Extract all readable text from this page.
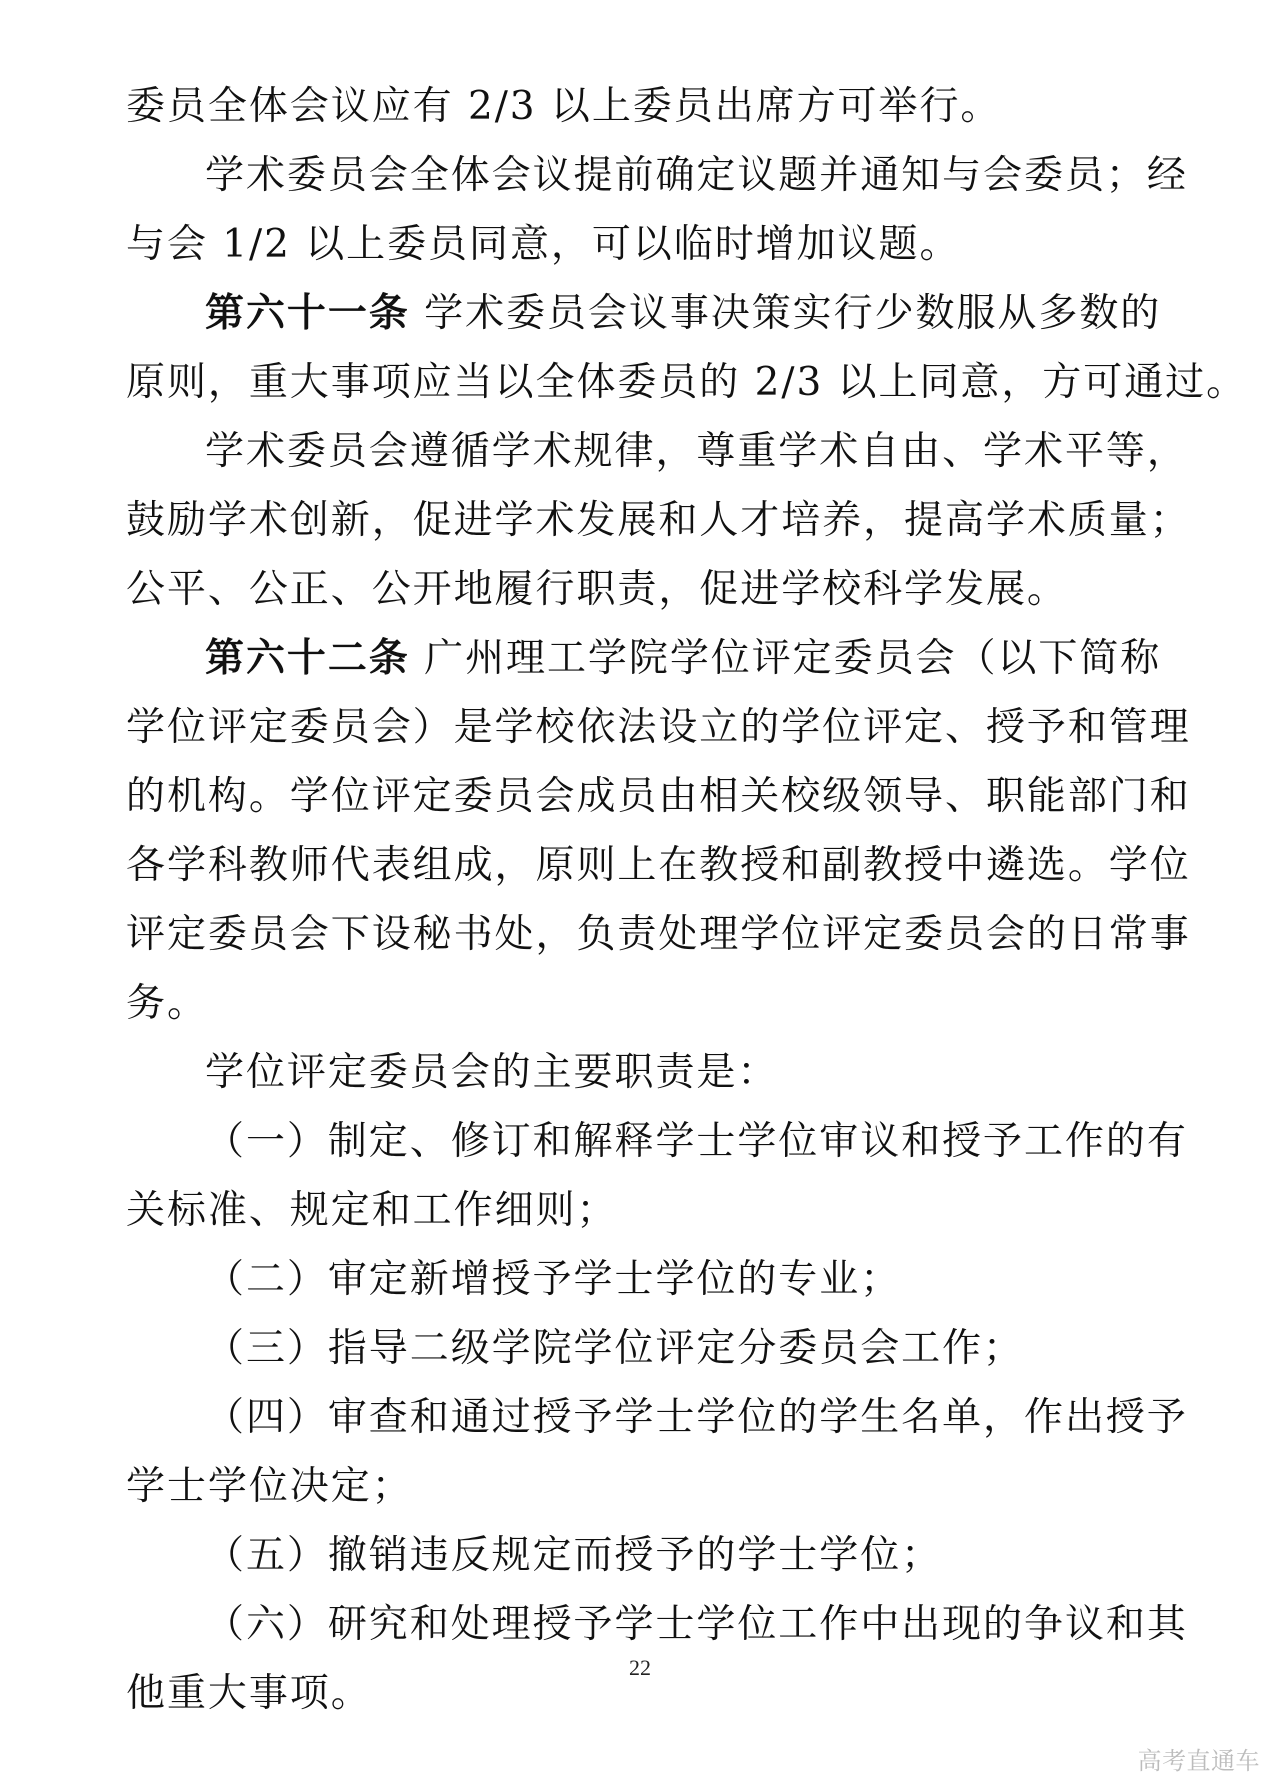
委员全体会议应有 2/3 以上委员出席方可举行。
学术委员会全体会议提前确定议题并通知与会委员；经
与会 1/2 以上委员同意，可以临时增加议题。
第六十一条 学术委员会议事决策实行少数服从多数的
原则，重大事项应当以全体委员的 2/3 以上同意，方可通过。
学术委员会遵循学术规律，尊重学术自由、学术平等，
鼓励学术创新，促进学术发展和人才培养，提高学术质量；
公平、公正、公开地履行职责，促进学校科学发展。
第六十二条 广州理工学院学位评定委员会（以下简称
学位评定委员会）是学校依法设立的学位评定、授予和管理
的机构。学位评定委员会成员由相关校级领导、职能部门和
各学科教师代表组成，原则上在教授和副教授中遴选。学位
评定委员会下设秘书处，负责处理学位评定委员会的日常事
务。
学位评定委员会的主要职责是：
（一）制定、修订和解释学士学位审议和授予工作的有
关标准、规定和工作细则；
（二）审定新增授予学士学位的专业；
（三）指导二级学院学位评定分委员会工作；
（四）审查和通过授予学士学位的学生名单，作出授予
学士学位决定；
（五）撤销违反规定而授予的学士学位；
（六）研究和处理授予学士学位工作中出现的争议和其
他重大事项。
22
高考直通车
